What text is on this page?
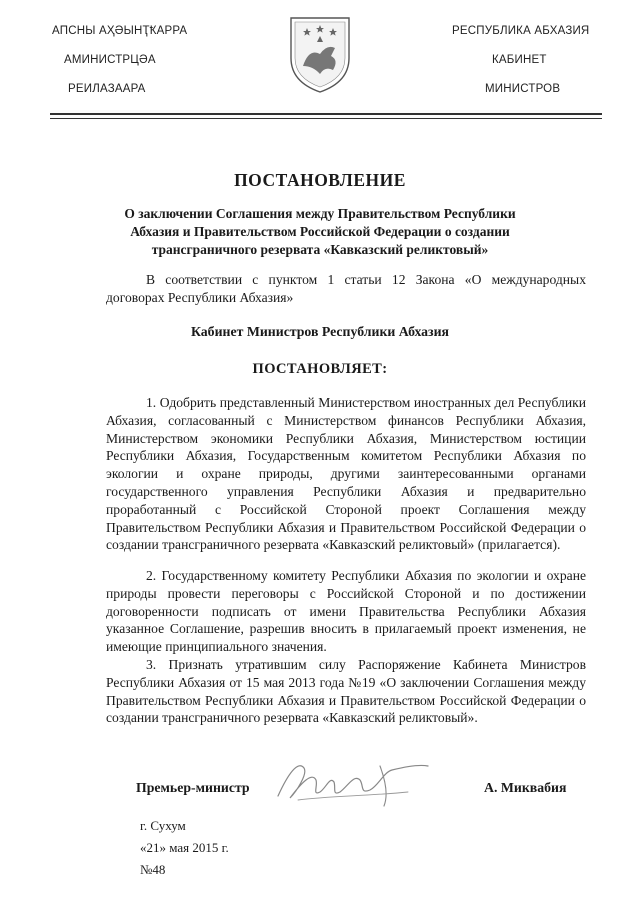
АПСНЫ АҲӘЫНҬҞАРРА
АМИНИСТРЦӘА
РЕИЛАЗААРА
РЕСПУБЛИКА АБХАЗИЯ
КАБИНЕТ
МИНИСТРОВ
ПОСТАНОВЛЕНИЕ
О заключении Соглашения между Правительством Республики Абхазия и Правительством Российской Федерации о создании трансграничного резервата «Кавказский реликтовый»
В соответствии с пунктом 1 статьи 12 Закона «О международных договорах Республики Абхазия»
Кабинет Министров Республики Абхазия
ПОСТАНОВЛЯЕТ:
1. Одобрить представленный Министерством иностранных дел Республики Абхазия, согласованный с Министерством финансов Республики Абхазия, Министерством экономики Республики Абхазия, Министерством юстиции Республики Абхазия, Государственным комитетом Республики Абхазия по экологии и охране природы, другими заинтересованными органами государственного управления Республики Абхазия и предварительно проработанный с Российской Стороной проект Соглашения между Правительством Республики Абхазия и Правительством Российской Федерации о создании трансграничного резервата «Кавказский реликтовый» (прилагается).
2. Государственному комитету Республики Абхазия по экологии и охране природы провести переговоры с Российской Стороной и по достижении договоренности подписать от имени Правительства Республики Абхазия указанное Соглашение, разрешив вносить в прилагаемый проект изменения, не имеющие принципиального значения.
3. Признать утратившим силу Распоряжение Кабинета Министров Республики Абхазия от 15 мая 2013 года №19 «О заключении Соглашения между Правительством Республики Абхазия и Правительством Российской Федерации о создании трансграничного резервата «Кавказский реликтовый».
Премьер-министр	А. Миквабия
г. Сухум
«21» мая 2015 г.
№48
